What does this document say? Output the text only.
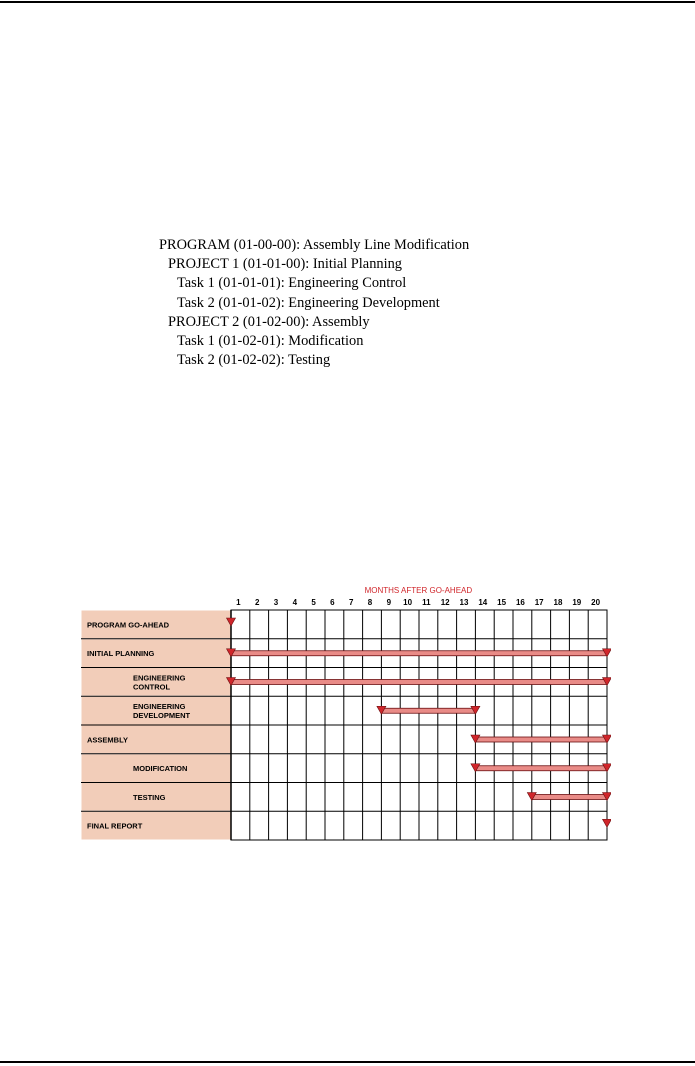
PROGRAM (01-00-00): Assembly Line Modification
PROJECT 1 (01-01-00): Initial Planning
Task 1 (01-01-01): Engineering Control
Task 2 (01-01-02): Engineering Development
PROJECT 2 (01-02-00): Assembly
Task 1 (01-02-01): Modification
Task 2 (01-02-02): Testing
MONTHS AFTER GO-AHEAD
1 2 3 4 5 6 7 8 9 10 11 12 13 14 15 16 17 18 19 20
PROGRAM GO-AHEAD
INITIAL PLANNING
ENGINEERING
CONTROL
ENGINEERING
DEVELOPMENT
ASSEMBLY
MODIFICATION
TESTING
FINAL REPORT
